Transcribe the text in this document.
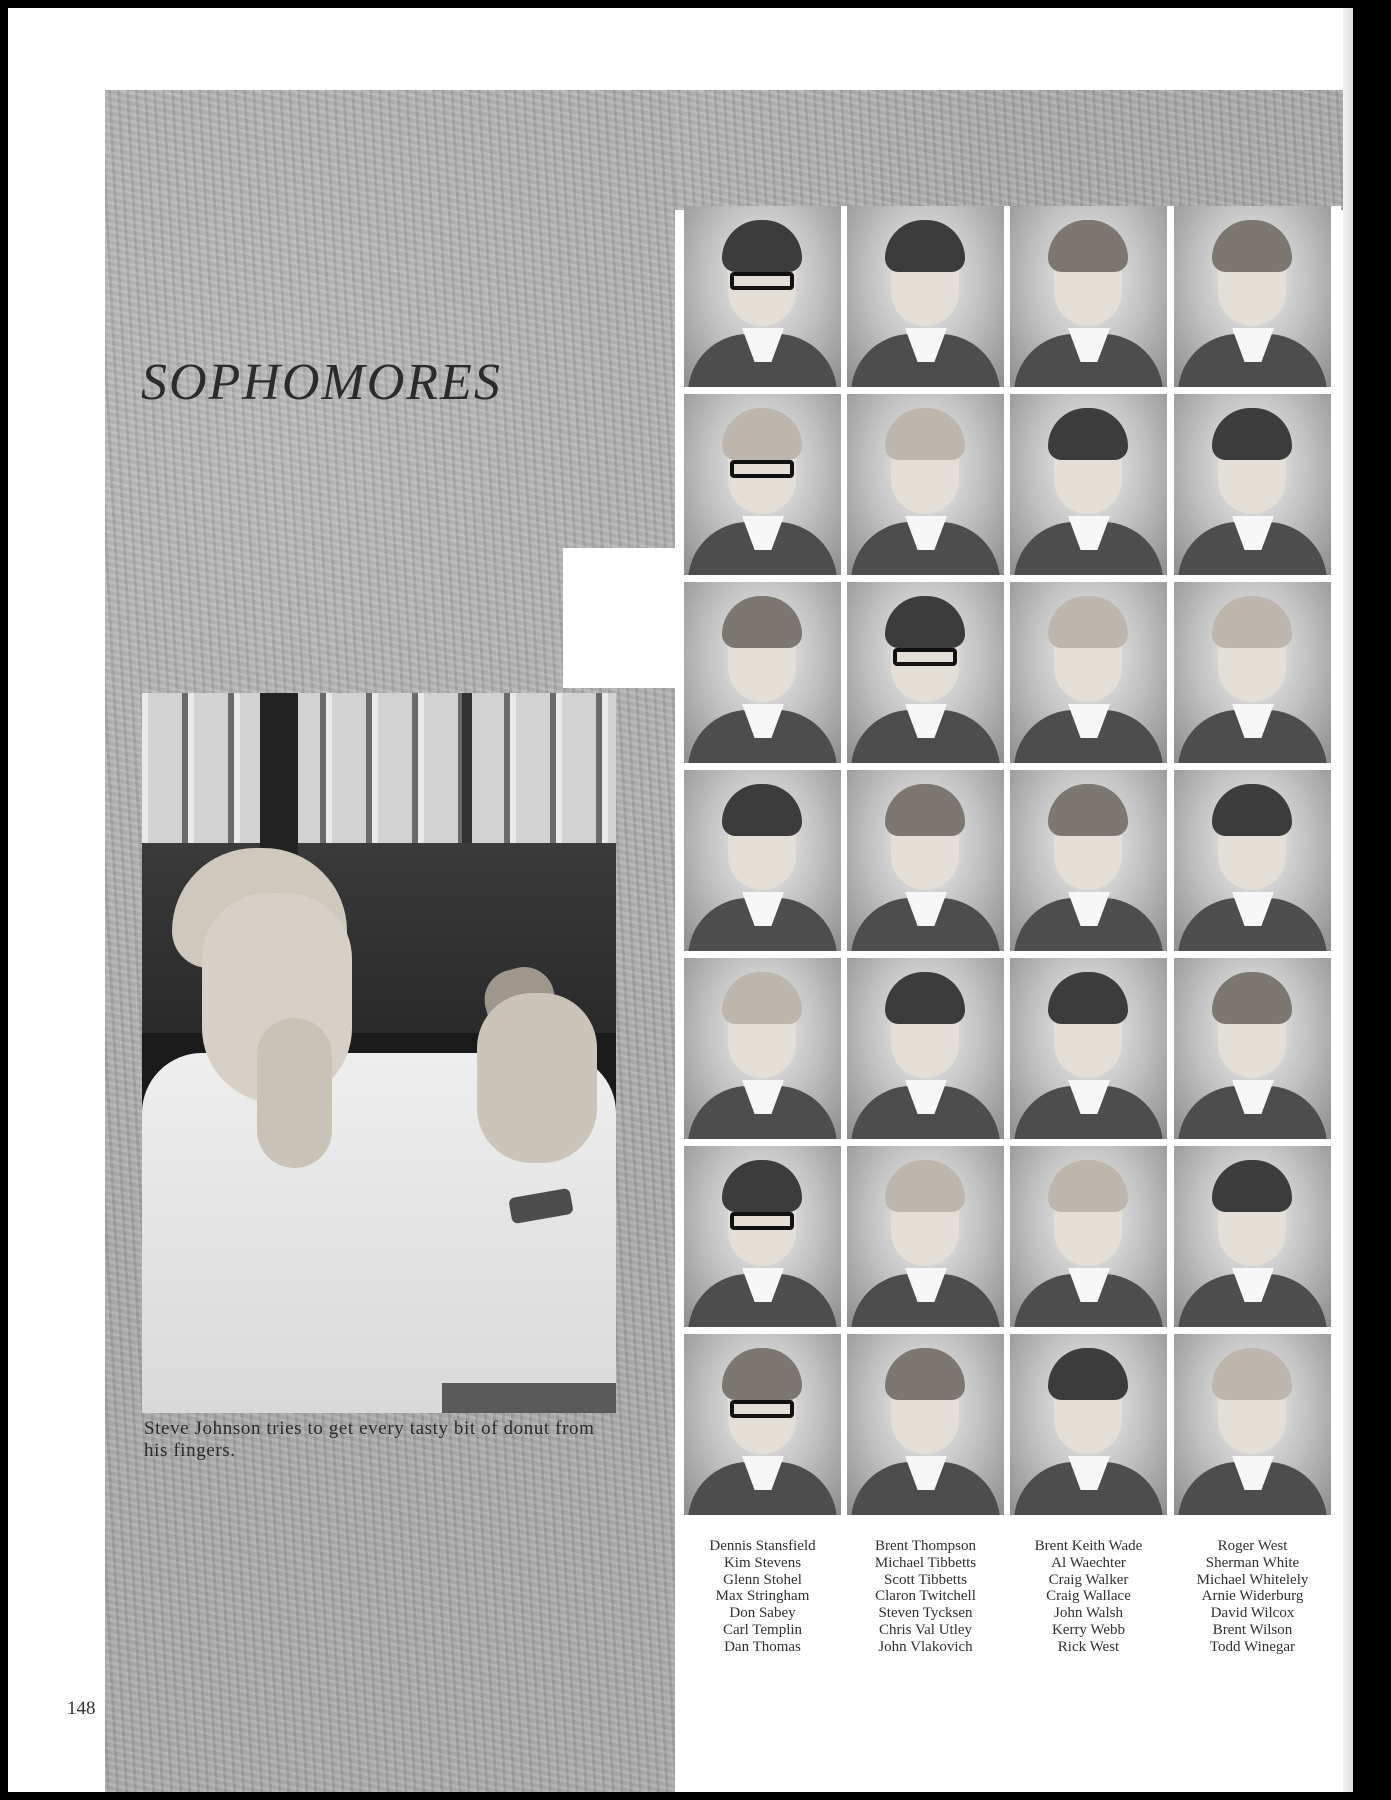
SOPHOMORES

Steve Johnson tries to get every tasty bit of donut from his fingers.

Dennis Stansfield
Kim Stevens
Glenn Stohel
Max Stringham
Don Sabey
Carl Templin
Dan Thomas
Brent Thompson
Michael Tibbetts
Scott Tibbetts
Claron Twitchell
Steven Tycksen
Chris Val Utley
John Vlakovich
Brent Keith Wade
Al Waechter
Craig Walker
Craig Wallace
John Walsh
Kerry Webb
Rick West
Roger West
Sherman White
Michael Whitelely
Arnie Widerburg
David Wilcox
Brent Wilson
Todd Winegar

148
